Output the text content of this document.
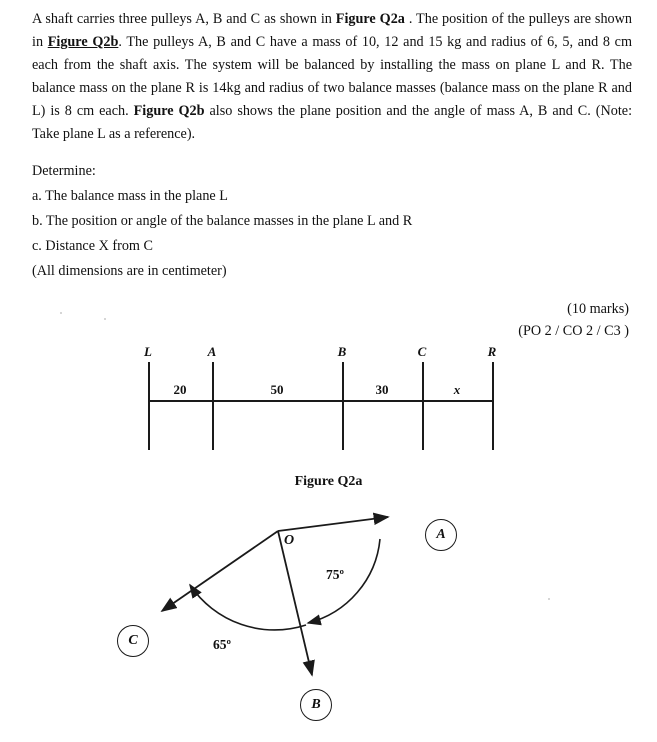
A shaft carries three pulleys A, B and C as shown in Figure Q2a . The position of the pulleys are shown in Figure Q2b. The pulleys A, B and C have a mass of 10, 12 and 15 kg and radius of 6, 5, and 8 cm each from the shaft axis. The system will be balanced by installing the mass on plane L and R. The balance mass on the plane R is 14kg and radius of two balance masses (balance mass on the plane R and L) is 8 cm each. Figure Q2b also shows the plane position and the angle of mass A, B and C. (Note: Take plane L as a reference).

Determine:

a. The balance mass in the plane L

b. The position or angle of the balance masses in the plane L and R

c. Distance X from C

(All dimensions are in centimeter)

(10 marks)
(PO 2 / CO 2 / C3 )
L	A	B	C	R
20	50	30	x
Figure Q2a
O
75º
65º
A
B
C
